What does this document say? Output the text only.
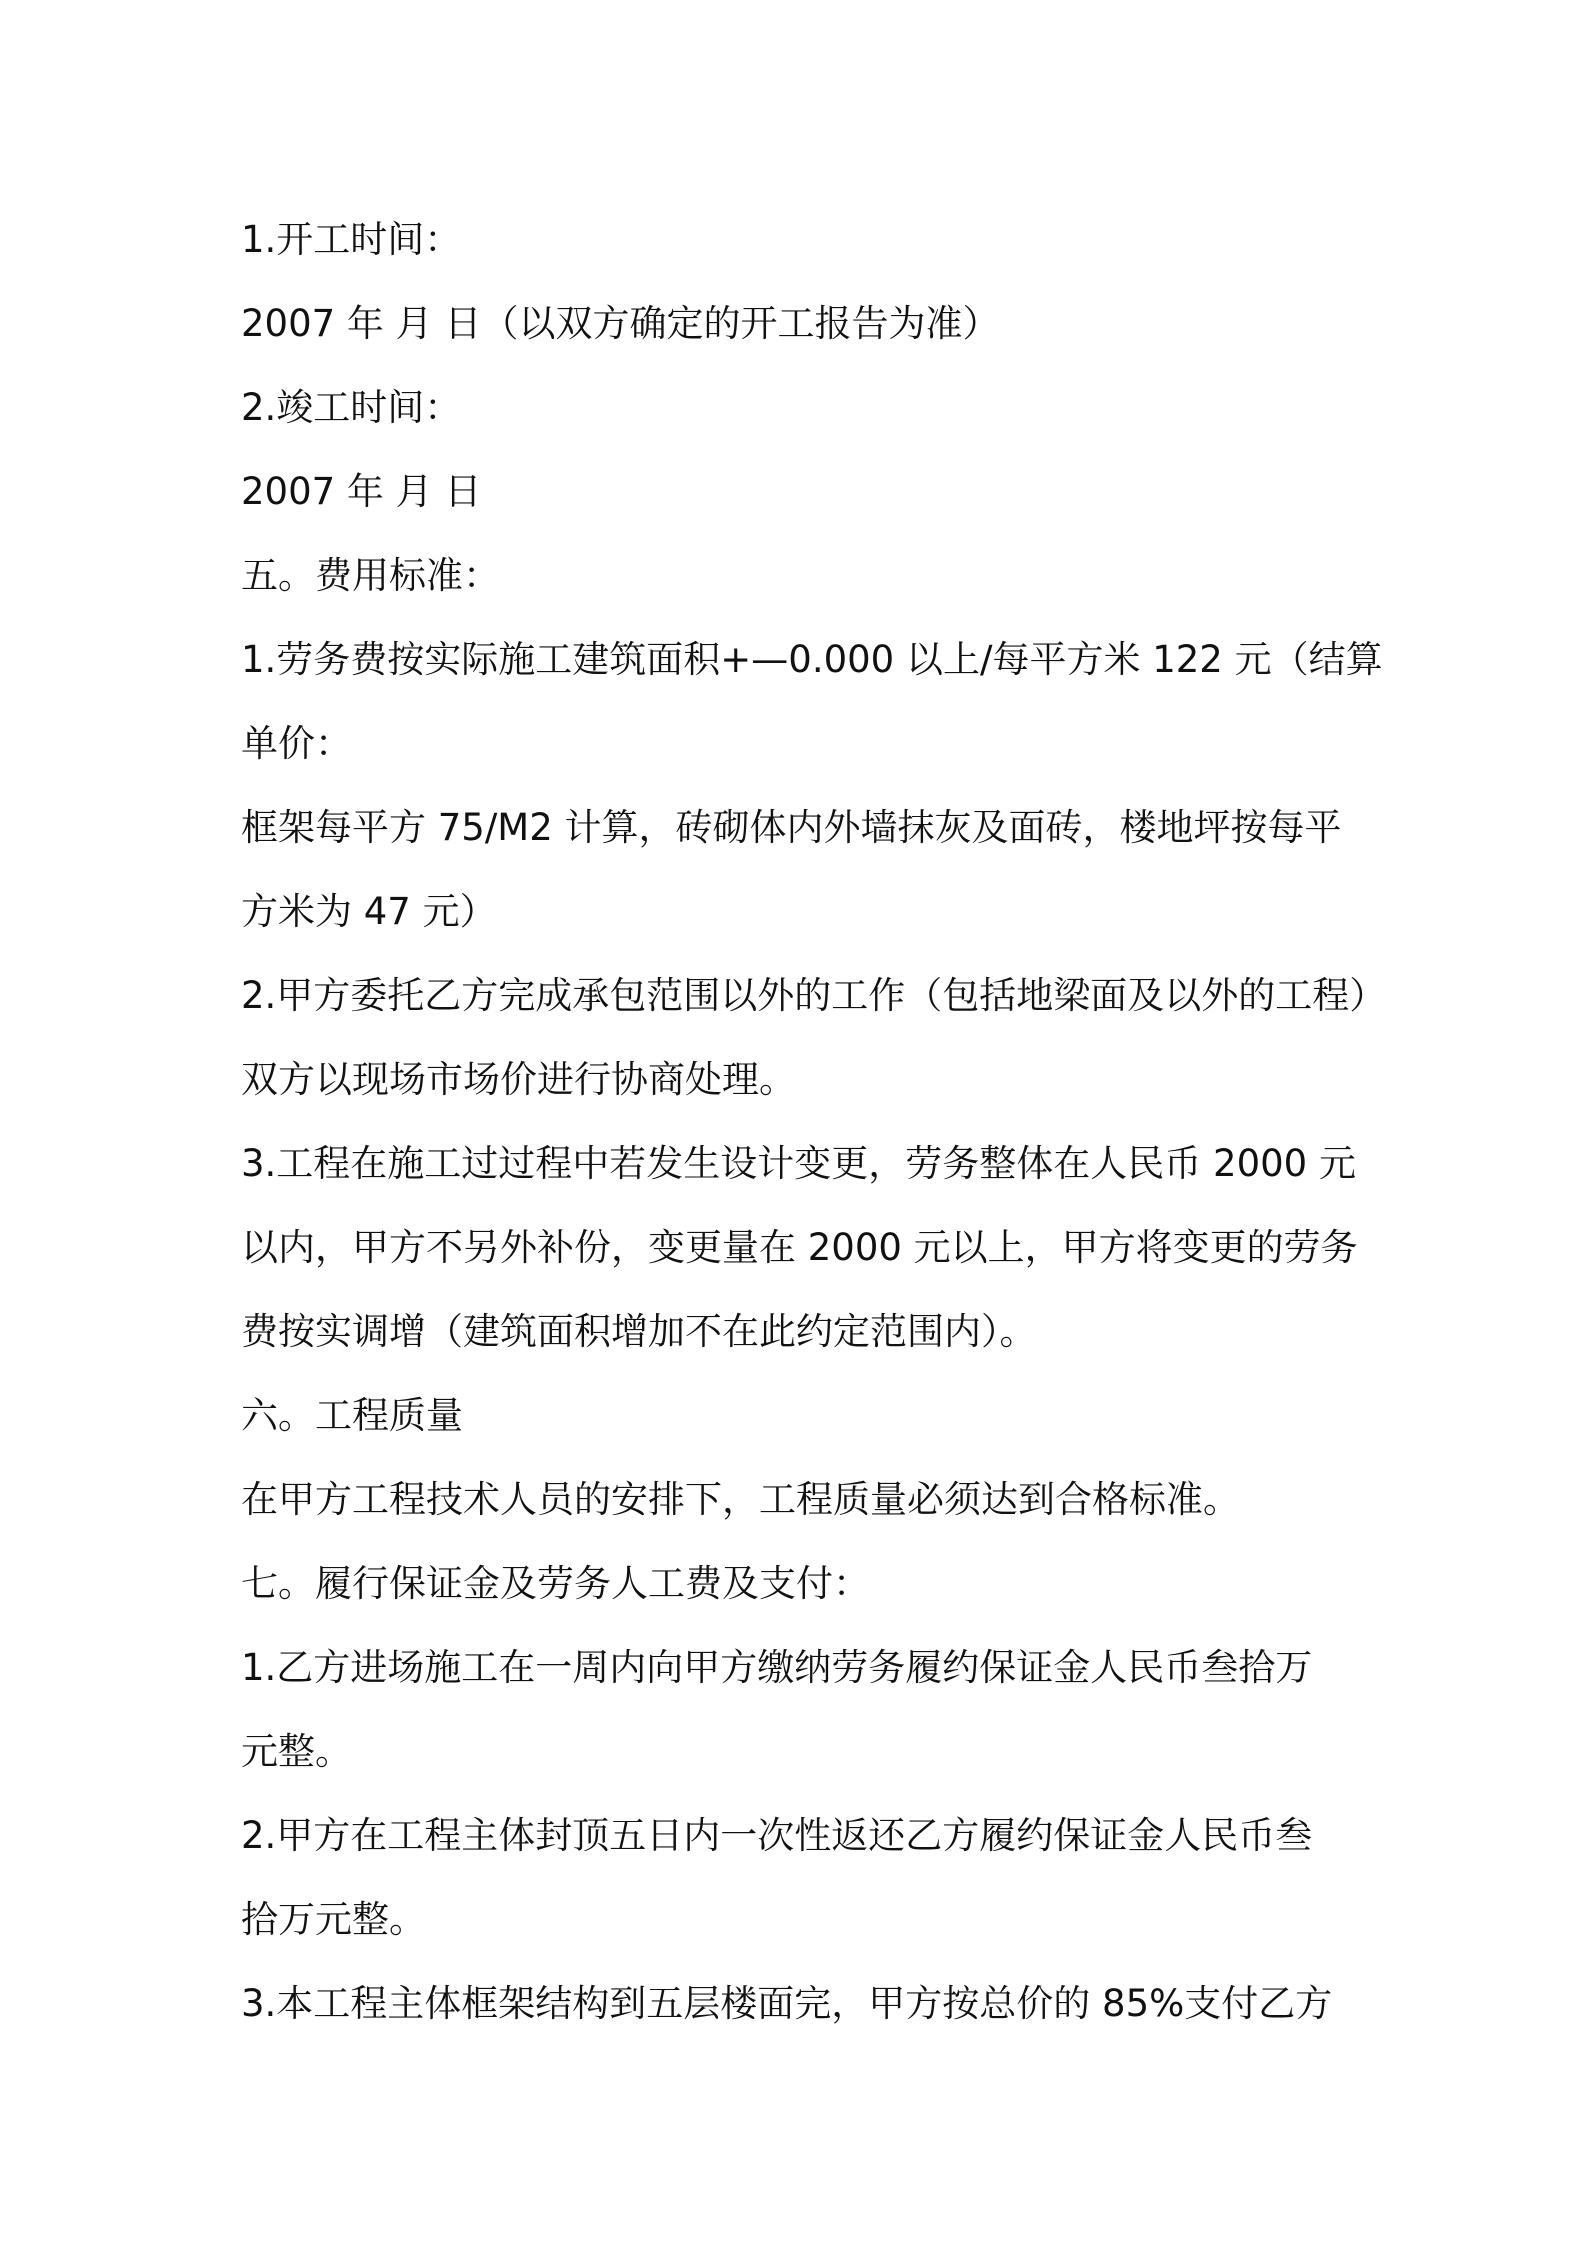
1.开工时间：
2007 年 月 日（以双方确定的开工报告为准）
2.竣工时间：
2007 年 月 日
五。费用标准：
1.劳务费按实际施工建筑面积+—0.000 以上/每平方米 122 元（结算
单价：
框架每平方 75/M2 计算，砖砌体内外墙抹灰及面砖，楼地坪按每平
方米为 47 元）
2.甲方委托乙方完成承包范围以外的工作（包括地梁面及以外的工程）
双方以现场市场价进行协商处理。
3.工程在施工过过程中若发生设计变更，劳务整体在人民币 2000 元
以内，甲方不另外补份，变更量在 2000 元以上，甲方将变更的劳务
费按实调增（建筑面积增加不在此约定范围内）。
六。工程质量
在甲方工程技术人员的安排下，工程质量必须达到合格标准。
七。履行保证金及劳务人工费及支付：
1.乙方进场施工在一周内向甲方缴纳劳务履约保证金人民币叁拾万
元整。
2.甲方在工程主体封顶五日内一次性返还乙方履约保证金人民币叁
拾万元整。
3.本工程主体框架结构到五层楼面完，甲方按总价的 85%支付乙方
